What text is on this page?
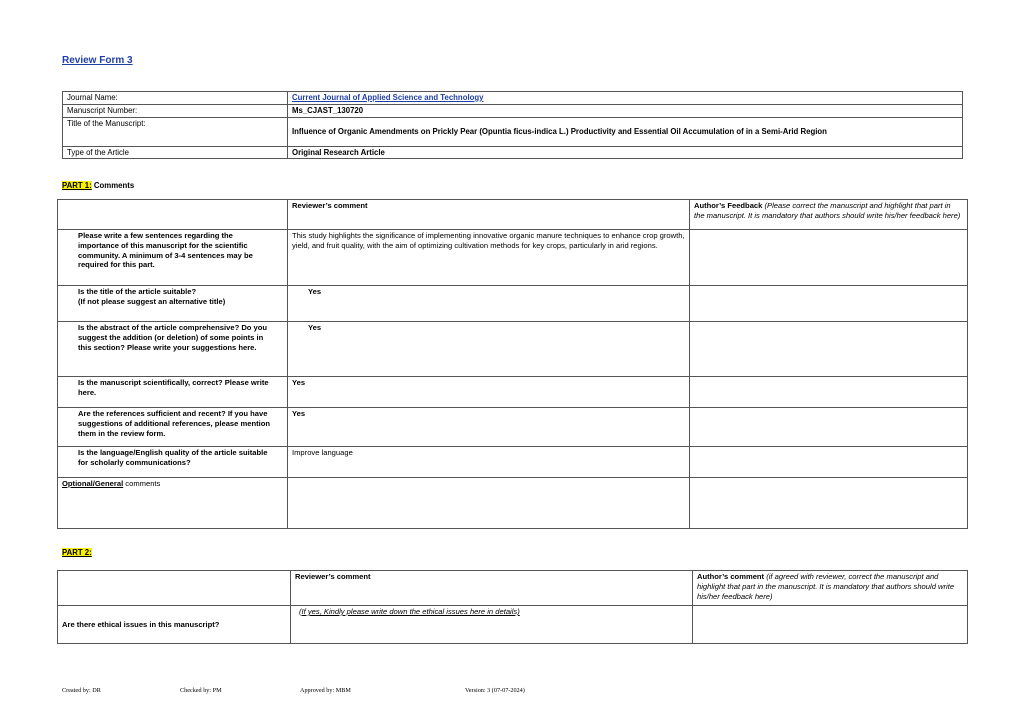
Review Form 3
Journal Name:	Current Journal of Applied Science and Technology
Manuscript Number:	Ms_CJAST_130720
Title of the Manuscript:	Influence of Organic Amendments on Prickly Pear (Opuntia ficus-indica L.) Productivity and Essential Oil Accumulation of in a Semi-Arid Region
Type of the Article	Original Research Article
PART 1: Comments
	Reviewer’s comment	Author’s Feedback (Please correct the manuscript and highlight that part in the manuscript. It is mandatory that authors should write his/her feedback here)
Please write a few sentences regarding the importance of this manuscript for the scientific community. A minimum of 3-4 sentences may be required for this part.	This study highlights the significance of implementing innovative organic manure techniques to enhance crop growth, yield, and fruit quality, with the aim of optimizing cultivation methods for key crops, particularly in arid regions.	
Is the title of the article suitable?
(If not please suggest an alternative title)	Yes	
Is the abstract of the article comprehensive? Do you suggest the addition (or deletion) of some points in this section? Please write your suggestions here.	Yes	
Is the manuscript scientifically, correct? Please write here.	Yes	
Are the references sufficient and recent? If you have suggestions of additional references, please mention them in the review form.	Yes	
Is the language/English quality of the article suitable for scholarly communications?	Improve language	
Optional/General comments		
PART 2:
	Reviewer’s comment	Author’s comment (if agreed with reviewer, correct the manuscript and highlight that part in the manuscript. It is mandatory that authors should write his/her feedback here)
Are there ethical issues in this manuscript?	(If yes, Kindly please write down the ethical issues here in details)	
Created by: DR	Checked by: PM	Approved by: MBM	Version: 3 (07-07-2024)
